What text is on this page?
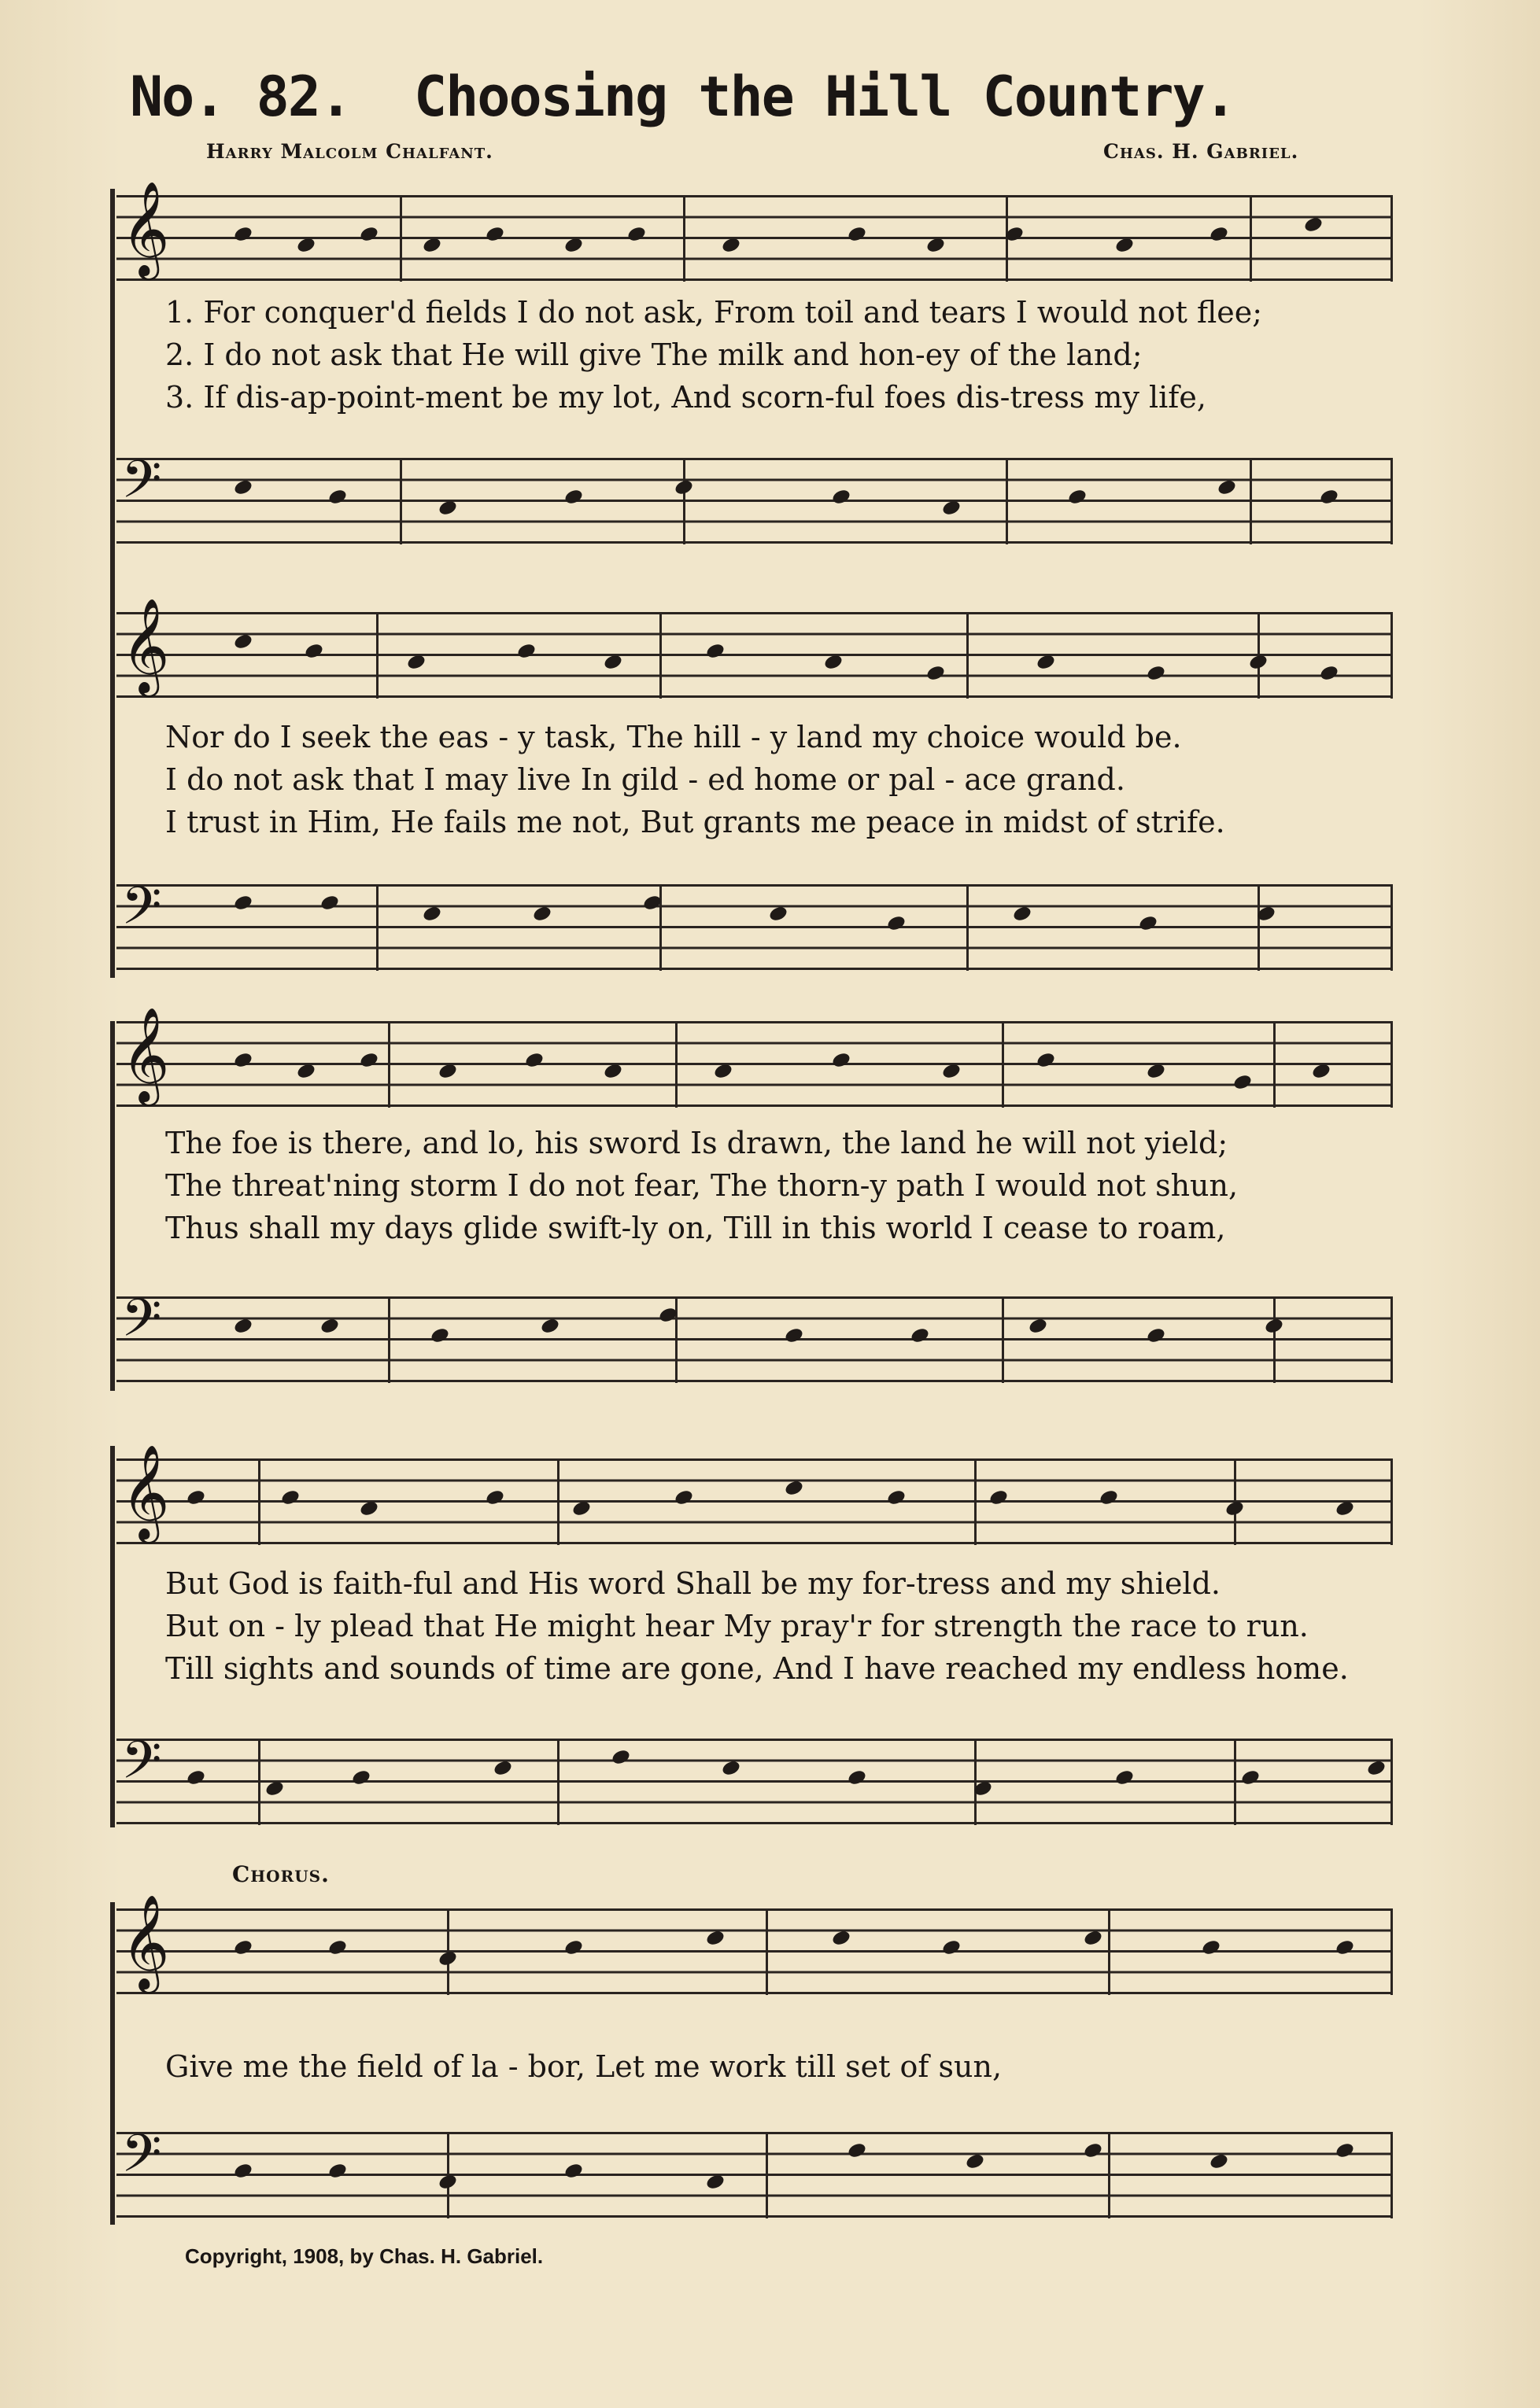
No. 82. Choosing the Hill Country.
Harry Malcolm Chalfant.	Chas. H. Gabriel.
𝄞
1. For conquer'd fields I do not ask, From toil and tears I would not flee;
2. I do not ask that He will give The milk and hon-ey of the land;
3. If dis-ap-point-ment be my lot, And scorn-ful foes dis-tress my life,
𝄢
𝄞
Nor do I seek the eas - y task, The hill - y land my choice would be.
I do not ask that I may live In gild - ed home or pal - ace grand.
I trust in Him, He fails me not, But grants me peace in midst of strife.
𝄢
𝄞
The foe is there, and lo, his sword Is drawn, the land he will not yield;
The threat'ning storm I do not fear, The thorn-y path I would not shun,
Thus shall my days glide swift-ly on, Till in this world I cease to roam,
𝄢
𝄞
But God is faith-ful and His word Shall be my for-tress and my shield.
But on - ly plead that He might hear My pray'r for strength the race to run.
Till sights and sounds of time are gone, And I have reached my endless home.
𝄢
Chorus.
𝄞
Give me the field of la - bor, Let me work till set of sun,
𝄢
Copyright, 1908, by Chas. H. Gabriel.
